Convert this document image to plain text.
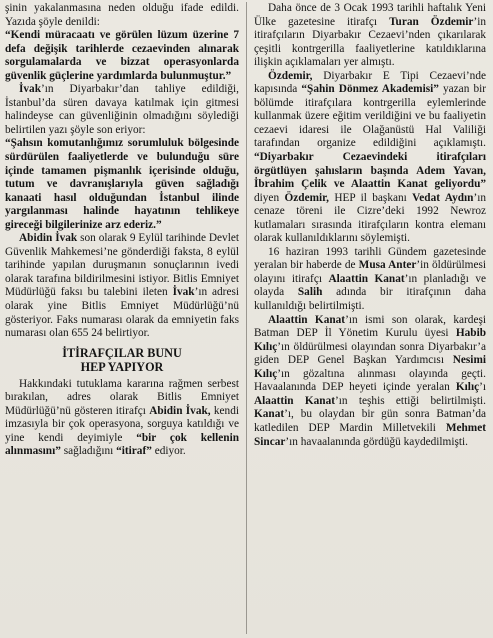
şinin yakalanmasına neden olduğu ifade edildi. Yazıda şöyle denildi:

“Kendi müracaatı ve görülen lüzum üzerine 7 defa değişik tarihlerde cezaevinden alınarak sorgulamalarda ve bizzat operasyonlarda güvenlik güçlerine yardımlarda bulunmuştur.”

İvak’ın Diyarbakır’dan tahliye edildiği, İstanbul’da süren davaya katılmak için gitmesi halindeyse can güvenliğinin olmadığını söylediği belirtilen yazı şöyle son eriyor:

“Şahsın komutanlığımız sorumluluk bölgesinde sürdürülen faaliyetlerde ve bulunduğu süre içinde tamamen pişmanlık içerisinde olduğu, tutum ve davranışlarıyla güven sağladığı kanaati hasıl olduğundan İstanbul ilinde yargılanması halinde hayatının tehlikeye gireceği bilgilerinize arz ederiz.”

Abidin İvak son olarak 9 Eylül tarihinde Devlet Güvenlik Mahkemesi’ne gönderdiği faksta, 8 eylül tarihinde yapılan duruşmanın sonuçlarının ivedi olarak tarafına bildirilmesini istiyor. Bitlis Emniyet Müdürlüğü faksı bu talebini ileten İvak’ın adresi olarak yine Bitlis Emniyet Müdürlüğü’nü gösteriyor. Faks numarası olarak da emniyetin faks numarası olan 655 24 belirtiyor.

İTİRAFÇILAR BUNU
HEP YAPIYOR

Hakkındaki tutuklama kararına rağmen serbest bırakılan, adres olarak Bitlis Emniyet Müdürlüğü’nü gösteren itirafçı Abidin İvak, kendi imzasıyla bir çok operasyona, sorguya katıldığı ve yine kendi deyimiyle “bir çok kellenin alınmasını” sağladığını “itiraf” ediyor.

Daha önce de 3 Ocak 1993 tarihli haftalık Yeni Ülke gazetesine itirafçı Turan Özdemir’in itirafçıların Diyarbakır Cezaevi’nden çıkarılarak çeşitli kontrgerilla faaliyetlerine katıldıklarına ilişkin açıklamaları yer almıştı.

Özdemir, Diyarbakır E Tipi Cezaevi’nde kapısında “Şahin Dönmez Akademisi” yazan bir bölümde itirafçılara kontrgerilla eylemlerinde kullanmak üzere eğitim verildiğini ve bu faaliyetin cezaevi idaresi ile Olağanüstü Hal Valiliği tarafından organize edildiğini açıklamıştı. “Diyarbakır Cezaevindeki itirafçıları örgütlüyen şahısların başında Adem Yavan, İbrahim Çelik ve Alaattin Kanat geliyordu” diyen Özdemir, HEP il başkanı Vedat Aydın’ın cenaze töreni ile Cizre’deki 1992 Newroz kutlamaları sırasında itirafçıların kontra elemanı olarak kullanıldıklarını söylemişti.

16 haziran 1993 tarihli Gündem gazetesinde yeralan bir haberde de Musa Anter’in öldürülmesi olayını itirafçı Alaattin Kanat’ın planladığı ve olayda Salih adında bir itirafçının daha kullanıldığı belirtilmişti.

Alaattin Kanat’ın ismi son olarak, kardeşi Batman DEP İl Yönetim Kurulu üyesi Habib Kılıç’ın öldürülmesi olayından sonra Diyarbakır’a giden DEP Genel Başkan Yardımcısı Nesimi Kılıç’ın gözaltına alınması olayında geçti. Havaalanında DEP heyeti içinde yeralan Kılıç’ı Alaattin Kanat’ın teşhis ettiği belirtilmişti. Kanat’ı, bu olaydan bir gün sonra Batman’da katledilen DEP Mardin Milletvekili Mehmet Sincar’ın havaalanında gördüğü kaydedilmişti.
